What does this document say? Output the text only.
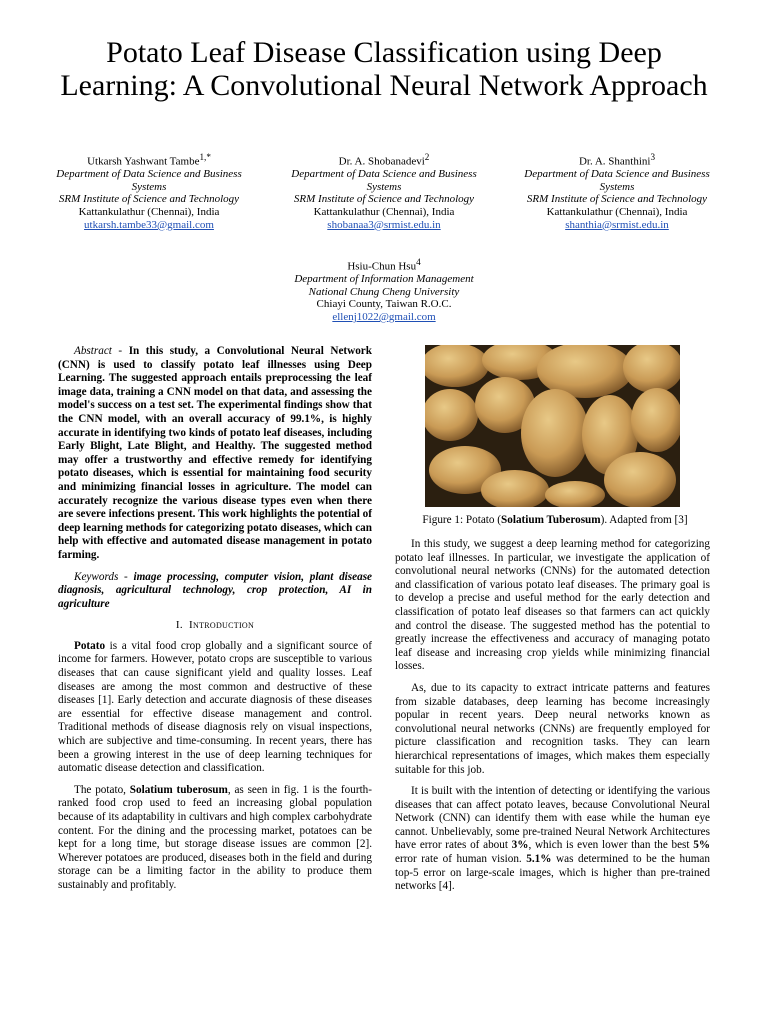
Potato Leaf Disease Classification using Deep Learning: A Convolutional Neural Network Approach
Utkarsh Yashwant Tambe$^{1,*}$
Department of Data Science and Business Systems
SRM Institute of Science and Technology
Kattankulathur (Chennai), India
utkarsh.tambe33@gmail.com
Dr. A. Shobanadevi$^2$
Department of Data Science and Business Systems
SRM Institute of Science and Technology
Kattankulathur (Chennai), India
shobanaa3@srmist.edu.in
Dr. A. Shanthini$^3$
Department of Data Science and Business Systems
SRM Institute of Science and Technology
Kattankulathur (Chennai), India
shanthia@srmist.edu.in
Hsiu-Chun Hsu$^4$
Department of Information Management
National Chung Cheng University
Chiayi County, Taiwan R.O.C.
ellenj1022@gmail.com

Abstract - In this study, a Convolutional Neural Network (CNN) is used to classify potato leaf illnesses using Deep Learning. The suggested approach entails preprocessing the leaf image data, training a CNN model on that data, and assessing the model's success on a test set. The experimental findings show that the CNN model, with an overall accuracy of 99.1%, is highly accurate in identifying two kinds of potato leaf diseases, including Early Blight, Late Blight, and Healthy. The suggested method may offer a trustworthy and effective remedy for identifying potato diseases, which is essential for maintaining food security and minimizing financial losses in agriculture. The model can accurately recognize the various disease types even when there are severe infections present. This work highlights the potential of deep learning methods for categorizing potato diseases, which can help with effective and automated disease management in potato farming.

Keywords - image processing, computer vision, plant disease diagnosis, agricultural technology, crop protection, AI in agriculture

I. Introduction

Potato is a vital food crop globally and a significant source of income for farmers. However, potato crops are susceptible to various diseases that can cause significant yield and quality losses. Leaf diseases are among the most common and destructive of these diseases [1]. Early detection and accurate diagnosis of these diseases are essential for effective disease management and control. Traditional methods of disease diagnosis rely on visual inspections, which are subjective and time-consuming. In recent years, there has been a growing interest in the use of deep learning techniques for automatic disease detection and classification.

The potato, Solatium tuberosum, as seen in fig. 1 is the fourth-ranked food crop used to feed an increasing global population because of its adaptability in cultivars and high complex carbohydrate content. For the dining and the processing market, potatoes can be kept for a long time, but storage disease issues are common [2]. Wherever potatoes are produced, diseases both in the field and during storage can be a limiting factor in the ability to produce them sustainably and profitably.

Figure 1: Potato (Solatium Tuberosum). Adapted from [3]

In this study, we suggest a deep learning method for categorizing potato leaf illnesses. In particular, we investigate the application of convolutional neural networks (CNNs) for the automated detection and classification of various potato leaf diseases. The primary goal is to develop a precise and useful method for the early detection and classification of potato leaf diseases so that farmers can act quickly and control the disease. The suggested method has the potential to greatly increase the effectiveness and accuracy of managing potato leaf disease and increasing crop yields while minimizing financial losses.

As, due to its capacity to extract intricate patterns and features from sizable databases, deep learning has become increasingly popular in recent years. Deep neural networks known as convolutional neural networks (CNNs) are frequently employed for picture classification and recognition tasks. They can learn hierarchical representations of images, which makes them especially suitable for this job.

It is built with the intention of detecting or identifying the various diseases that can affect potato leaves, because Convolutional Neural Network (CNN) can identify them with ease while the human eye cannot. Unbelievably, some pre-trained Neural Network Architectures have error rates of about 3%, which is even lower than the best 5% error rate of human vision. 5.1% was determined to be the human top-5 error on large-scale images, which is higher than pre-trained networks [4].
